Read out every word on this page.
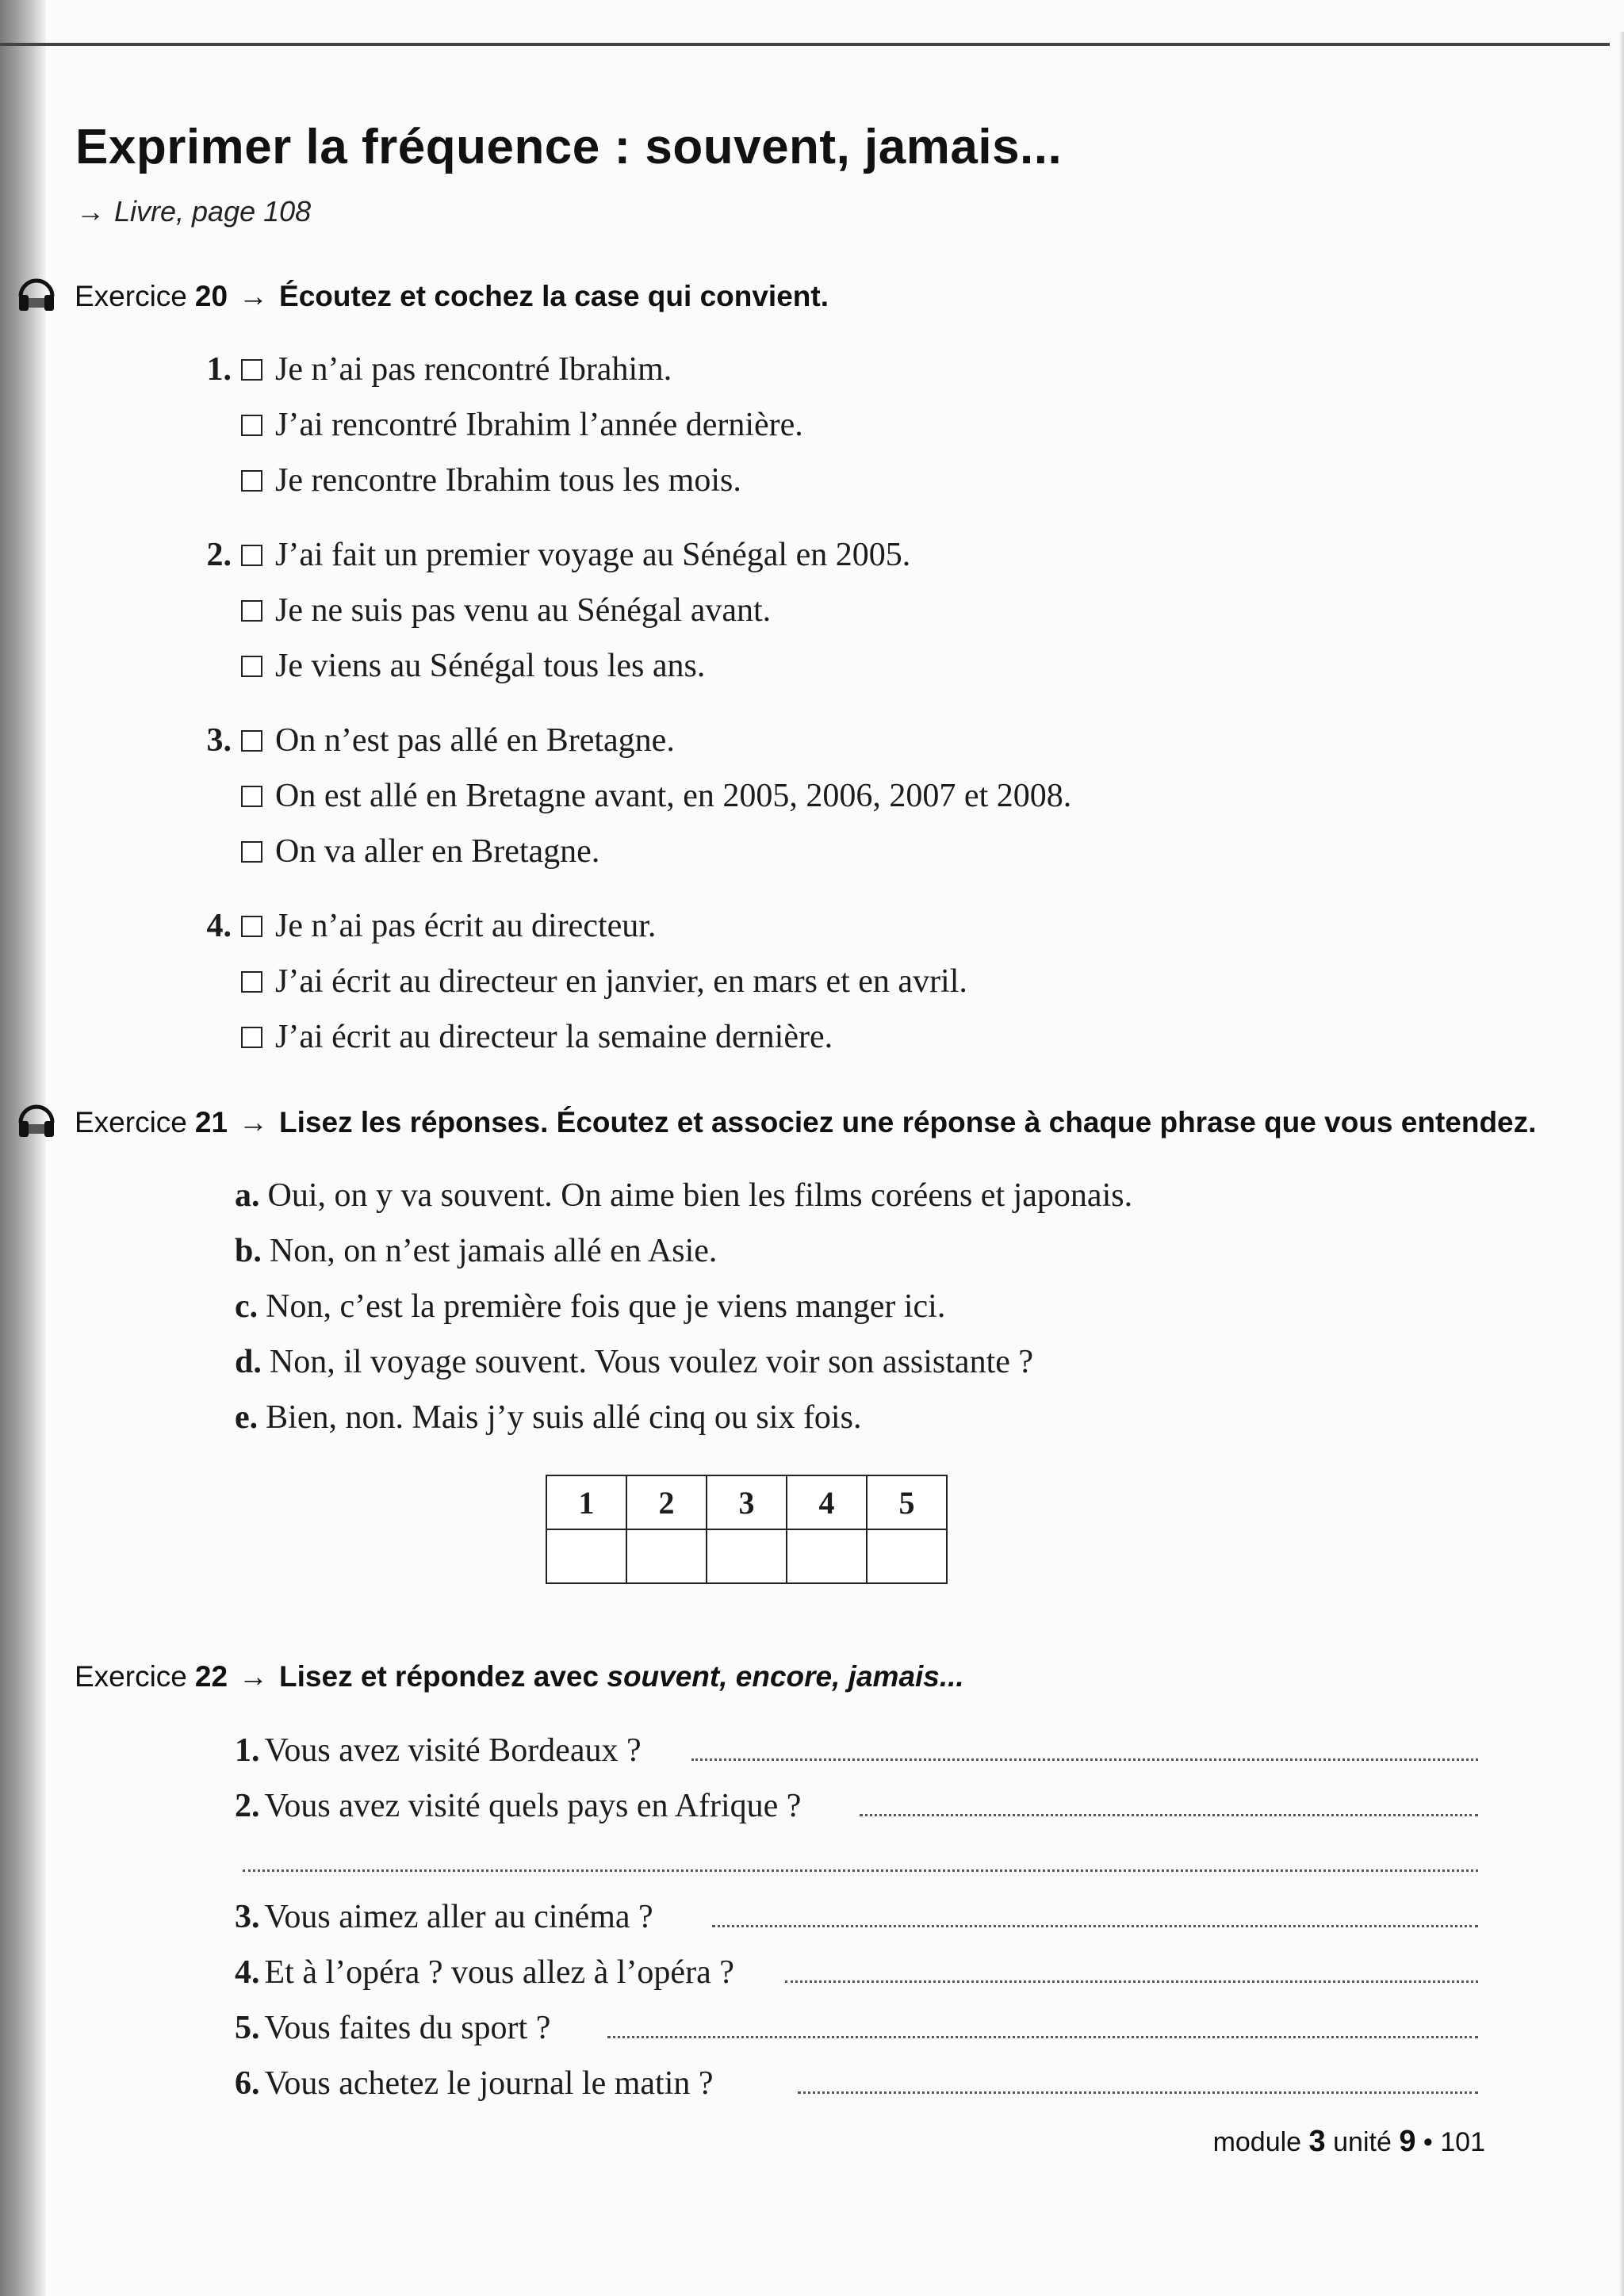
Exprimer la fréquence : souvent, jamais...
→ Livre, page 108
Exercice 20 → Écoutez et cochez la case qui convient.
1. Je n’ai pas rencontré Ibrahim.
J’ai rencontré Ibrahim l’année dernière.
Je rencontre Ibrahim tous les mois.
2. J’ai fait un premier voyage au Sénégal en 2005.
Je ne suis pas venu au Sénégal avant.
Je viens au Sénégal tous les ans.
3. On n’est pas allé en Bretagne.
On est allé en Bretagne avant, en 2005, 2006, 2007 et 2008.
On va aller en Bretagne.
4. Je n’ai pas écrit au directeur.
J’ai écrit au directeur en janvier, en mars et en avril.
J’ai écrit au directeur la semaine dernière.
Exercice 21 → Lisez les réponses. Écoutez et associez une réponse à chaque phrase que vous entendez.
a. Oui, on y va souvent. On aime bien les films coréens et japonais.
b. Non, on n’est jamais allé en Asie.
c. Non, c’est la première fois que je viens manger ici.
d. Non, il voyage souvent. Vous voulez voir son assistante ?
e. Bien, non. Mais j’y suis allé cinq ou six fois.
1	2	3	4	5

Exercice 22 → Lisez et répondez avec souvent, encore, jamais...
1. Vous avez visité Bordeaux ?
2. Vous avez visité quels pays en Afrique ?
3. Vous aimez aller au cinéma ?
4. Et à l’opéra ? vous allez à l’opéra ?
5. Vous faites du sport ?
6. Vous achetez le journal le matin ?
module 3 unité 9 • 101
